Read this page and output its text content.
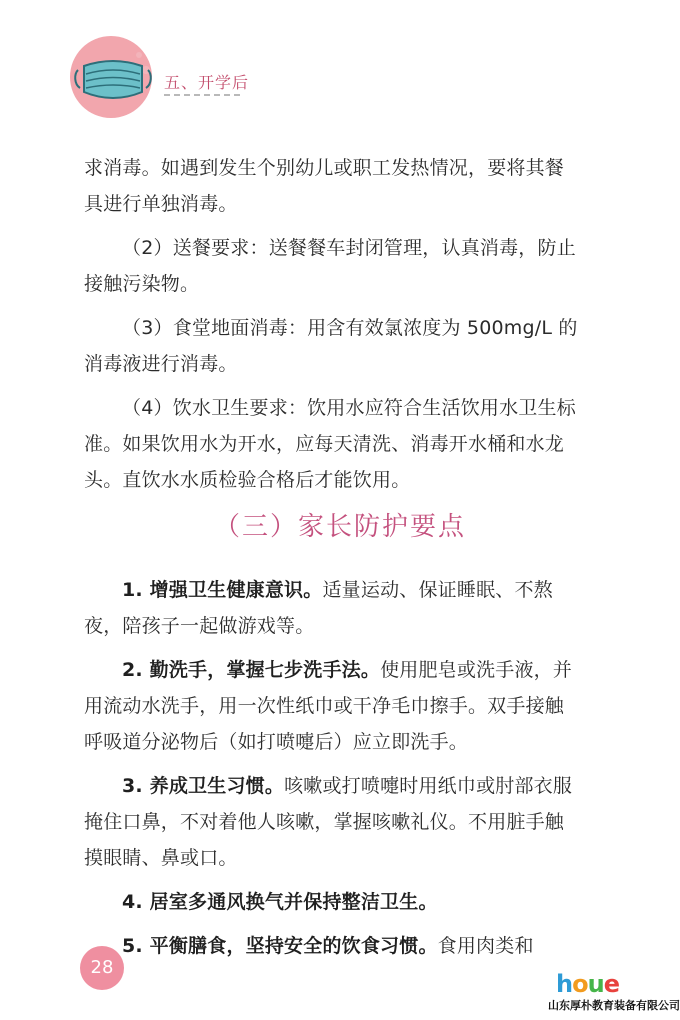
五、开学后

求消毒。如遇到发生个别幼儿或职工发热情况，要将其餐具进行单独消毒。

（2）送餐要求：送餐餐车封闭管理，认真消毒，防止接触污染物。

（3）食堂地面消毒：用含有效氯浓度为 500mg/L 的消毒液进行消毒。

（4）饮水卫生要求：饮用水应符合生活饮用水卫生标准。如果饮用水为开水，应每天清洗、消毒开水桶和水龙头。直饮水水质检验合格后才能饮用。

（三）家长防护要点

1. 增强卫生健康意识。适量运动、保证睡眠、不熬夜，陪孩子一起做游戏等。

2. 勤洗手，掌握七步洗手法。使用肥皂或洗手液，并用流动水洗手，用一次性纸巾或干净毛巾擦手。双手接触呼吸道分泌物后（如打喷嚏后）应立即洗手。

3. 养成卫生习惯。咳嗽或打喷嚏时用纸巾或肘部衣服掩住口鼻，不对着他人咳嗽，掌握咳嗽礼仪。不用脏手触摸眼睛、鼻或口。

4. 居室多通风换气并保持整洁卫生。

5. 平衡膳食，坚持安全的饮食习惯。食用肉类和

28
houe
山东厚朴教育装备有限公司
